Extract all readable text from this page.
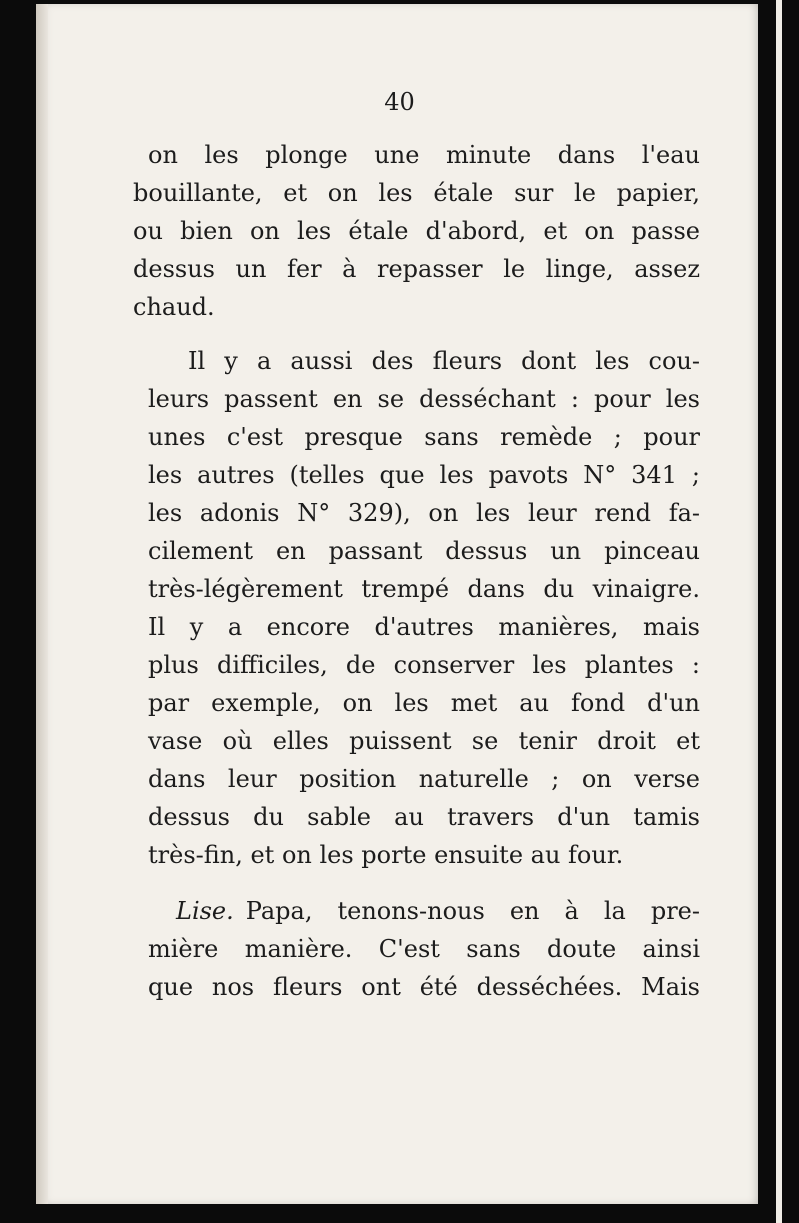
40
on les plonge une minute dans l'eau
bouillante, et on les étale sur le papier,
ou bien on les étale d'abord, et on passe
dessus un fer à repasser le linge, assez
chaud.
Il y a aussi des fleurs dont les cou-
leurs passent en se desséchant : pour les
unes c'est presque sans remède ; pour
les autres (telles que les pavots N° 341 ;
les adonis N° 329), on les leur rend fa-
cilement en passant dessus un pinceau
très-légèrement trempé dans du vinaigre.
Il y a encore d'autres manières, mais
plus difficiles, de conserver les plantes :
par exemple, on les met au fond d'un
vase où elles puissent se tenir droit et
dans leur position naturelle ; on verse
dessus du sable au travers d'un tamis
très-fin, et on les porte ensuite au four.
Lise. Papa, tenons-nous en à la pre-
mière manière. C'est sans doute ainsi
que nos fleurs ont été desséchées. Mais
